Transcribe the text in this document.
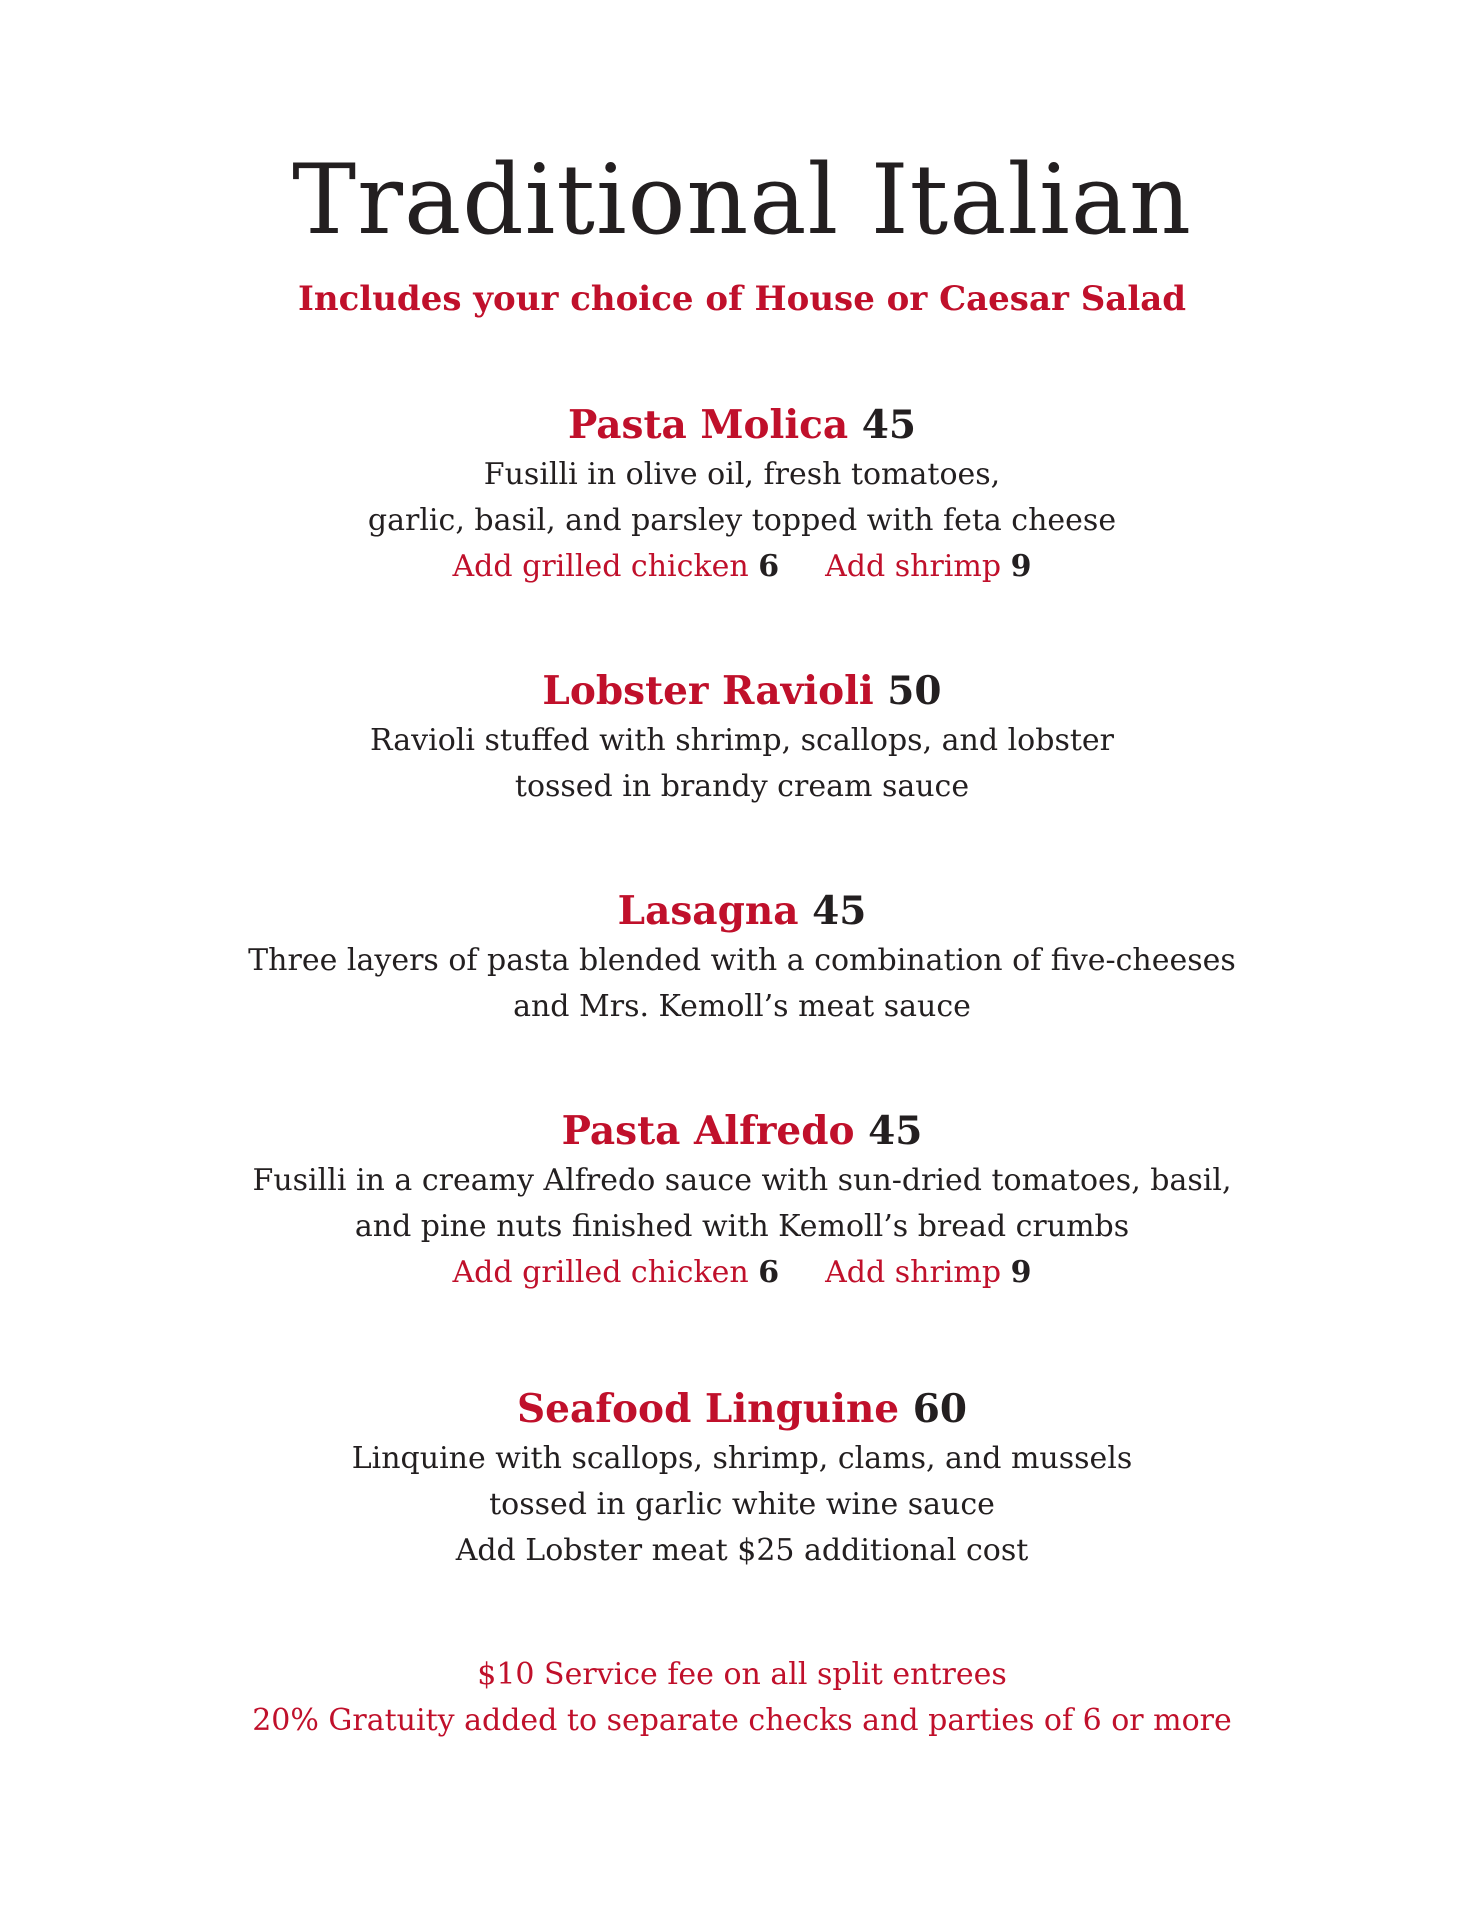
Traditional Italian
Includes your choice of House or Caesar Salad
Pasta Molica 45
Fusilli in olive oil, fresh tomatoes,
garlic, basil, and parsley topped with feta cheese
Add grilled chicken 6 Add shrimp 9
Lobster Ravioli 50
Ravioli stuffed with shrimp, scallops, and lobster
tossed in brandy cream sauce
Lasagna 45
Three layers of pasta blended with a combination of five-cheeses
and Mrs. Kemoll’s meat sauce
Pasta Alfredo 45
Fusilli in a creamy Alfredo sauce with sun-dried tomatoes, basil,
and pine nuts finished with Kemoll’s bread crumbs
Add grilled chicken 6 Add shrimp 9
Seafood Linguine 60
Linquine with scallops, shrimp, clams, and mussels
tossed in garlic white wine sauce
Add Lobster meat $25 additional cost
$10 Service fee on all split entrees
20% Gratuity added to separate checks and parties of 6 or more
